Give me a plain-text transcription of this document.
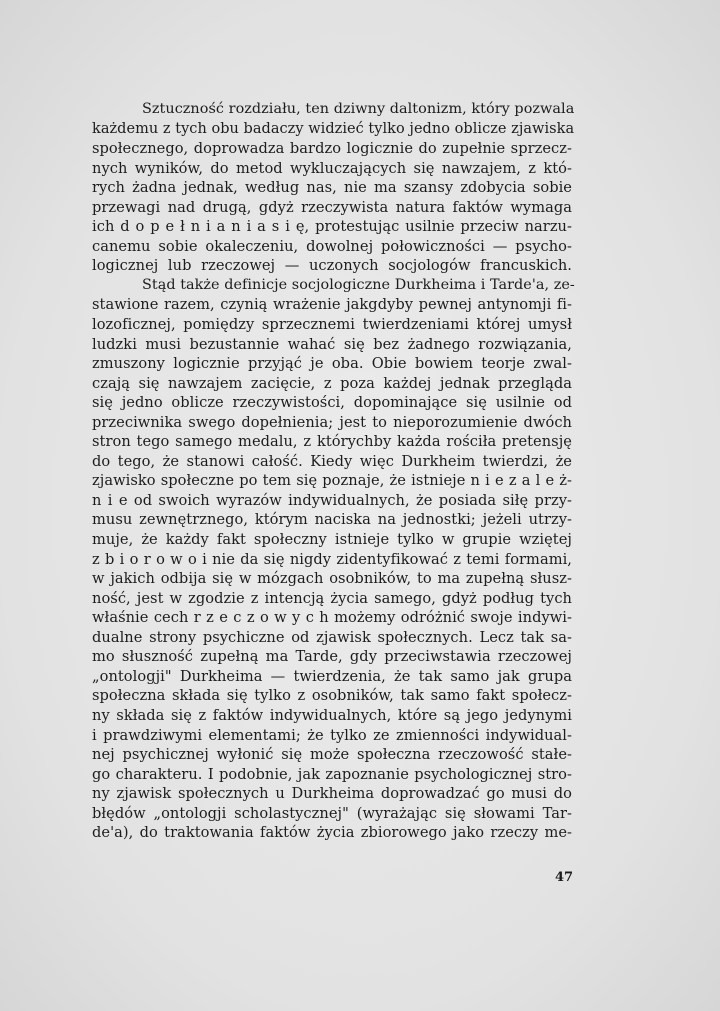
Sztuczność rozdziału, ten dziwny daltonizm, który pozwala
każdemu z tych obu badaczy widzieć tylko jedno oblicze zjawiska
społecznego, doprowadza bardzo logicznie do zupełnie sprzecz-
nych wyników, do metod wykluczających się nawzajem, z któ-
rych żadna jednak, według nas, nie ma szansy zdobycia sobie
przewagi nad drugą, gdyż rzeczywista natura faktów wymaga
ich d o p e ł n i a n i a s i ę, protestując usilnie przeciw narzu-
canemu sobie okaleczeniu, dowolnej połowiczności — psycho-
logicznej lub rzeczowej — uczonych socjologów francuskich.
Stąd także definicje socjologiczne Durkheima i Tarde'a, ze-
stawione razem, czynią wrażenie jakgdyby pewnej antynomji fi-
lozoficznej, pomiędzy sprzecznemi twierdzeniami której umysł
ludzki musi bezustannie wahać się bez żadnego rozwiązania,
zmuszony logicznie przyjąć je oba. Obie bowiem teorje zwal-
czają się nawzajem zacięcie, z poza każdej jednak przegląda
się jedno oblicze rzeczywistości, dopominające się usilnie od
przeciwnika swego dopełnienia; jest to nieporozumienie dwóch
stron tego samego medalu, z którychby każda rościła pretensję
do tego, że stanowi całość. Kiedy więc Durkheim twierdzi, że
zjawisko społeczne po tem się poznaje, że istnieje n i e z a l e ż-
n i e od swoich wyrazów indywidualnych, że posiada siłę przy-
musu zewnętrznego, którym naciska na jednostki; jeżeli utrzy-
muje, że każdy fakt społeczny istnieje tylko w grupie wziętej
z b i o r o w o i nie da się nigdy zidentyfikować z temi formami,
w jakich odbija się w mózgach osobników, to ma zupełną słusz-
ność, jest w zgodzie z intencją życia samego, gdyż podług tych
właśnie cech r z e c z o w y c h możemy odróżnić swoje indywi-
dualne strony psychiczne od zjawisk społecznych. Lecz tak sa-
mo słuszność zupełną ma Tarde, gdy przeciwstawia rzeczowej
„ontologji" Durkheima — twierdzenia, że tak samo jak grupa
społeczna składa się tylko z osobników, tak samo fakt społecz-
ny składa się z faktów indywidualnych, które są jego jedynymi
i prawdziwymi elementami; że tylko ze zmienności indywidual-
nej psychicznej wyłonić się może społeczna rzeczowość stałe-
go charakteru. I podobnie, jak zapoznanie psychologicznej stro-
ny zjawisk społecznych u Durkheima doprowadzać go musi do
błędów „ontologji scholastycznej" (wyrażając się słowami Tar-
de'a), do traktowania faktów życia zbiorowego jako rzeczy me-
47
